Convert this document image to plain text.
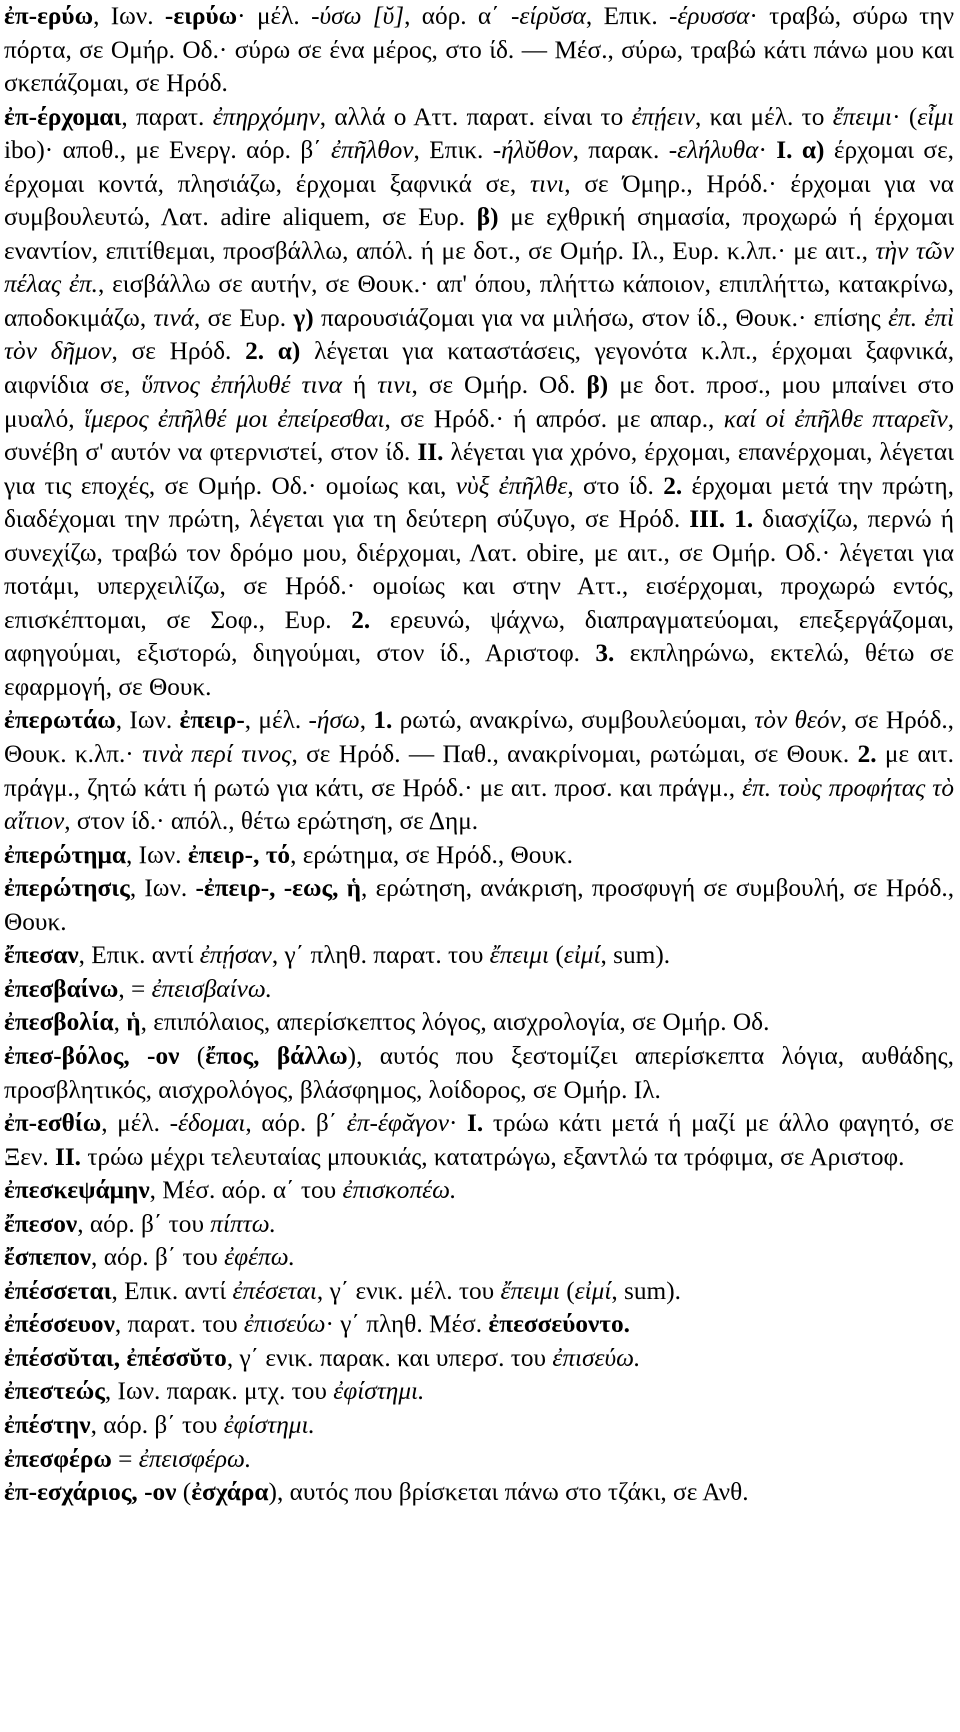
ἐπ-ερύω, Ιων. -ειρύω· μέλ. -ύσω [ῠ], αόρ. α΄ -είρῠσα, Επικ. -έρυσσα· τραβώ, σύρω την πόρτα, σε Ομήρ. Οδ.· σύρω σε ένα μέρος, στο ίδ. — Μέσ., σύρω, τραβώ κάτι πάνω μου και σκεπάζομαι, σε Ηρόδ.
ἐπ-έρχομαι, παρατ. ἐπηρχόμην, αλλά ο Αττ. παρατ. είναι το ἐπῄειν, και μέλ. το ἔπειμι· (εἶμι ibo)· αποθ., με Ενεργ. αόρ. β΄ ἐπῆλθον, Επικ. -ήλῠθον, παρακ. -ελήλυθα· I. α) έρχομαι σε, έρχομαι κοντά, πλησιάζω, έρχομαι ξαφνικά σε, τινι, σε Όμηρ., Ηρόδ.· έρχομαι για να συμβουλευτώ, Λατ. adire aliquem, σε Ευρ. β) με εχθρική σημασία, προχωρώ ή έρχομαι εναντίον, επιτίθεμαι, προσβάλλω, απόλ. ή με δοτ., σε Ομήρ. Ιλ., Ευρ. κ.λπ.· με αιτ., τὴν τῶν πέλας ἐπ., εισβάλλω σε αυτήν, σε Θουκ.· απ' όπου, πλήττω κάποιον, επιπλήττω, κατακρίνω, αποδοκιμάζω, τινά, σε Ευρ. γ) παρουσιάζομαι για να μιλήσω, στον ίδ., Θουκ.· επίσης ἐπ. ἐπὶ τὸν δῆμον, σε Ηρόδ. 2. α) λέγεται για καταστάσεις, γεγονότα κ.λπ., έρχομαι ξαφνικά, αιφνίδια σε, ὕπνος ἐπήλυθέ τινα ή τινι, σε Ομήρ. Οδ. β) με δοτ. προσ., μου μπαίνει στο μυαλό, ἵμερος ἐπῆλθέ μοι ἐπείρεσθαι, σε Ηρόδ.· ή απρόσ. με απαρ., καί οἱ ἐπῆλθε πταρεῖν, συνέβη σ' αυτόν να φτερνιστεί, στον ίδ. II. λέγεται για χρόνο, έρχομαι, επανέρχομαι, λέγεται για τις εποχές, σε Ομήρ. Οδ.· ομοίως και, νὺξ ἐπῆλθε, στο ίδ. 2. έρχομαι μετά την πρώτη, διαδέχομαι την πρώτη, λέγεται για τη δεύτερη σύζυγο, σε Ηρόδ. III. 1. διασχίζω, περνώ ή συνεχίζω, τραβώ τον δρόμο μου, διέρχομαι, Λατ. obire, με αιτ., σε Ομήρ. Οδ.· λέγεται για ποτάμι, υπερχειλίζω, σε Ηρόδ.· ομοίως και στην Αττ., εισέρχομαι, προχωρώ εντός, επισκέπτομαι, σε Σοφ., Ευρ. 2. ερευνώ, ψάχνω, διαπραγματεύομαι, επεξεργάζομαι, αφηγούμαι, εξιστορώ, διηγούμαι, στον ίδ., Αριστοφ. 3. εκπληρώνω, εκτελώ, θέτω σε εφαρμογή, σε Θουκ.
ἐπερωτάω, Ιων. ἐπειρ-, μέλ. -ήσω, 1. ρωτώ, ανακρίνω, συμβουλεύομαι, τὸν θεόν, σε Ηρόδ., Θουκ. κ.λπ.· τινὰ περί τινος, σε Ηρόδ. — Παθ., ανακρίνομαι, ρωτώμαι, σε Θουκ. 2. με αιτ. πράγμ., ζητώ κάτι ή ρωτώ για κάτι, σε Ηρόδ.· με αιτ. προσ. και πράγμ., ἐπ. τοὺς προφήτας τὸ αἴτιον, στον ίδ.· απόλ., θέτω ερώτηση, σε Δημ.
ἐπερώτημα, Ιων. ἐπειρ-, τό, ερώτημα, σε Ηρόδ., Θουκ.
ἐπερώτησις, Ιων. -ἐπειρ-, -εως, ἡ, ερώτηση, ανάκριση, προσφυγή σε συμβουλή, σε Ηρόδ., Θουκ.
ἔπεσαν, Επικ. αντί ἐπῄσαν, γ΄ πληθ. παρατ. του ἔπειμι (εἰμί, sum).
ἐπεσβαίνω, = ἐπεισβαίνω.
ἐπεσβολία, ἡ, επιπόλαιος, απερίσκεπτος λόγος, αισχρολογία, σε Ομήρ. Οδ.
ἐπεσ-βόλος, -ον (ἔπος, βάλλω), αυτός που ξεστομίζει απερίσκεπτα λόγια, αυθάδης, προσβλητικός, αισχρολόγος, βλάσφημος, λοίδορος, σε Ομήρ. Ιλ.
ἐπ-εσθίω, μέλ. -έδομαι, αόρ. β΄ ἐπ-έφᾰγον· I. τρώω κάτι μετά ή μαζί με άλλο φαγητό, σε Ξεν. II. τρώω μέχρι τελευταίας μπουκιάς, κατατρώγω, εξαντλώ τα τρόφιμα, σε Αριστοφ.
ἐπεσκεψάμην, Μέσ. αόρ. α΄ του ἐπισκοπέω.
ἔπεσον, αόρ. β΄ του πίπτω.
ἔσπεπον, αόρ. β΄ του ἐφέπω.
ἐπέσσεται, Επικ. αντί ἐπέσεται, γ΄ ενικ. μέλ. του ἔπειμι (εἰμί, sum).
ἐπέσσευον, παρατ. του ἐπισεύω· γ΄ πληθ. Μέσ. ἐπεσσεύοντο.
ἐπέσσῠται, ἐπέσσῠτο, γ΄ ενικ. παρακ. και υπερσ. του ἐπισεύω.
ἐπεστεώς, Ιων. παρακ. μτχ. του ἐφίστημι.
ἐπέστην, αόρ. β΄ του ἐφίστημι.
ἐπεσφέρω = ἐπεισφέρω.
ἐπ-εσχάριος, -ον (ἐσχάρα), αυτός που βρίσκεται πάνω στο τζάκι, σε Ανθ.
